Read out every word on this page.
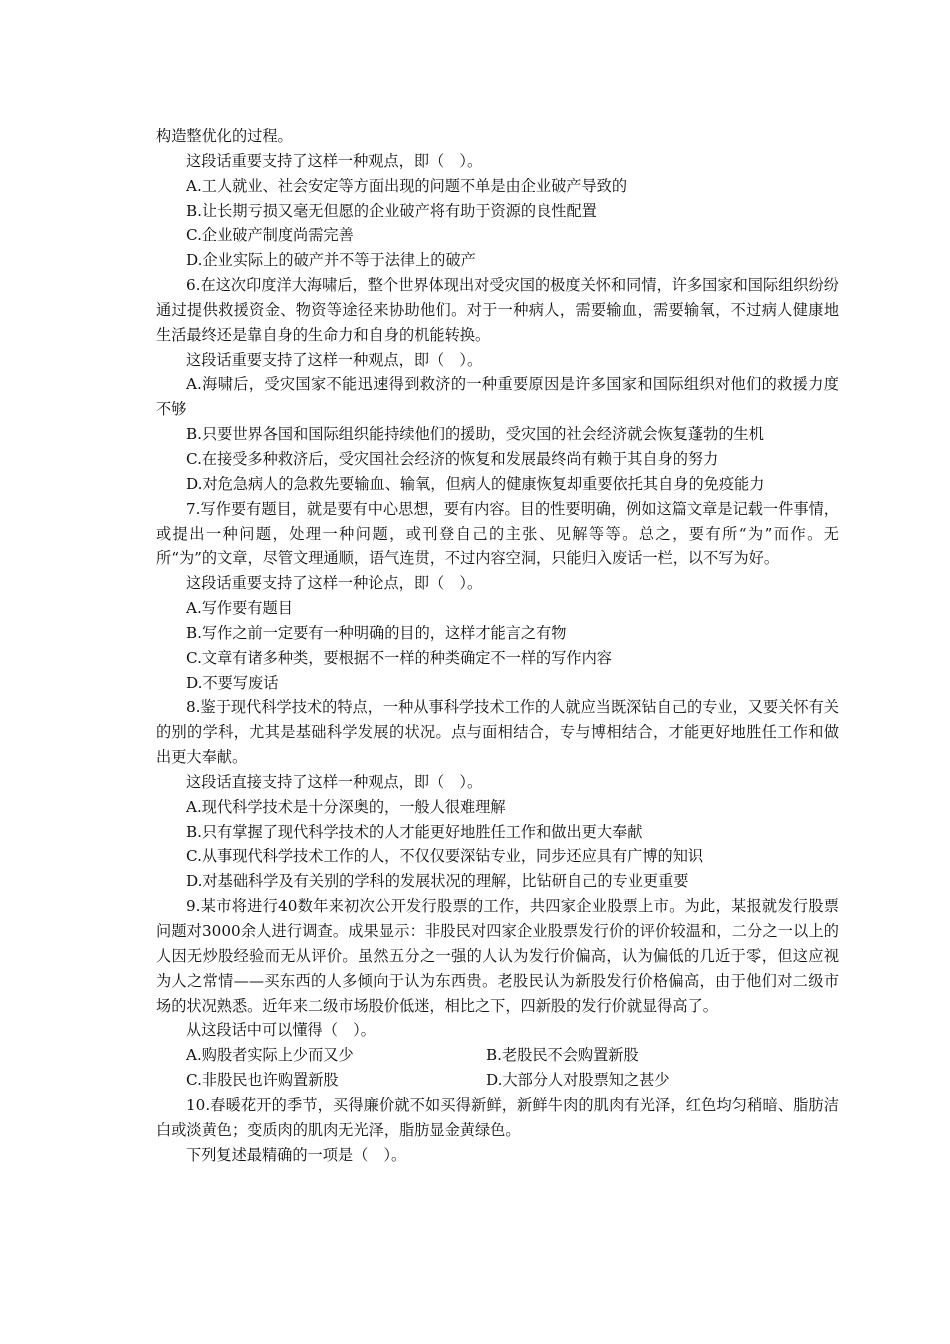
构造整优化的过程。

这段话重要支持了这样一种观点，即（　）。

A.工人就业、社会安定等方面出现的问题不单是由企业破产导致的

B.让长期亏损又毫无但愿的企业破产将有助于资源的良性配置

C.企业破产制度尚需完善

D.企业实际上的破产并不等于法律上的破产

6.在这次印度洋大海啸后，整个世界体现出对受灾国的极度关怀和同情，许多国家和国际组织纷纷通过提供救援资金、物资等途径来协助他们。对于一种病人，需要输血，需要输氧，不过病人健康地生活最终还是靠自身的生命力和自身的机能转换。

这段话重要支持了这样一种观点，即（　）。

A.海啸后，受灾国家不能迅速得到救济的一种重要原因是许多国家和国际组织对他们的救援力度不够

B.只要世界各国和国际组织能持续他们的援助，受灾国的社会经济就会恢复蓬勃的生机

C.在接受多种救济后，受灾国社会经济的恢复和发展最终尚有赖于其自身的努力

D.对危急病人的急救先要输血、输氧，但病人的健康恢复却重要依托其自身的免疫能力

7.写作要有题目，就是要有中心思想，要有内容。目的性要明确，例如这篇文章是记载一件事情，或提出一种问题，处理一种问题，或刊登自己的主张、见解等等。总之，要有所“为”而作。无所“为”的文章，尽管文理通顺，语气连贯，不过内容空洞，只能归入废话一栏，以不写为好。

这段话重要支持了这样一种论点，即（　）。

A.写作要有题目

B.写作之前一定要有一种明确的目的，这样才能言之有物

C.文章有诸多种类，要根据不一样的种类确定不一样的写作内容

D.不要写废话

8.鉴于现代科学技术的特点，一种从事科学技术工作的人就应当既深钻自己的专业，又要关怀有关的别的学科，尤其是基础科学发展的状况。点与面相结合，专与博相结合，才能更好地胜任工作和做出更大奉献。

这段话直接支持了这样一种观点，即（　）。

A.现代科学技术是十分深奥的，一般人很难理解

B.只有掌握了现代科学技术的人才能更好地胜任工作和做出更大奉献

C.从事现代科学技术工作的人，不仅仅要深钻专业，同步还应具有广博的知识

D.对基础科学及有关别的学科的发展状况的理解，比钻研自己的专业更重要

9.某市将进行40数年来初次公开发行股票的工作，共四家企业股票上市。为此，某报就发行股票问题对3000余人进行调查。成果显示：非股民对四家企业股票发行价的评价较温和，二分之一以上的人因无炒股经验而无从评价。虽然五分之一强的人认为发行价偏高，认为偏低的几近于零，但这应视为人之常情——买东西的人多倾向于认为东西贵。老股民认为新股发行价格偏高，由于他们对二级市场的状况熟悉。近年来二级市场股价低迷，相比之下，四新股的发行价就显得高了。

从这段话中可以懂得（　）。

A.购股者实际上少而又少	B.老股民不会购置新股
C.非股民也许购置新股	D.大部分人对股票知之甚少

10.春暖花开的季节，买得廉价就不如买得新鲜，新鲜牛肉的肌肉有光泽，红色均匀稍暗、脂肪洁白或淡黄色；变质肉的肌肉无光泽，脂肪显金黄绿色。

下列复述最精确的一项是（　）。
